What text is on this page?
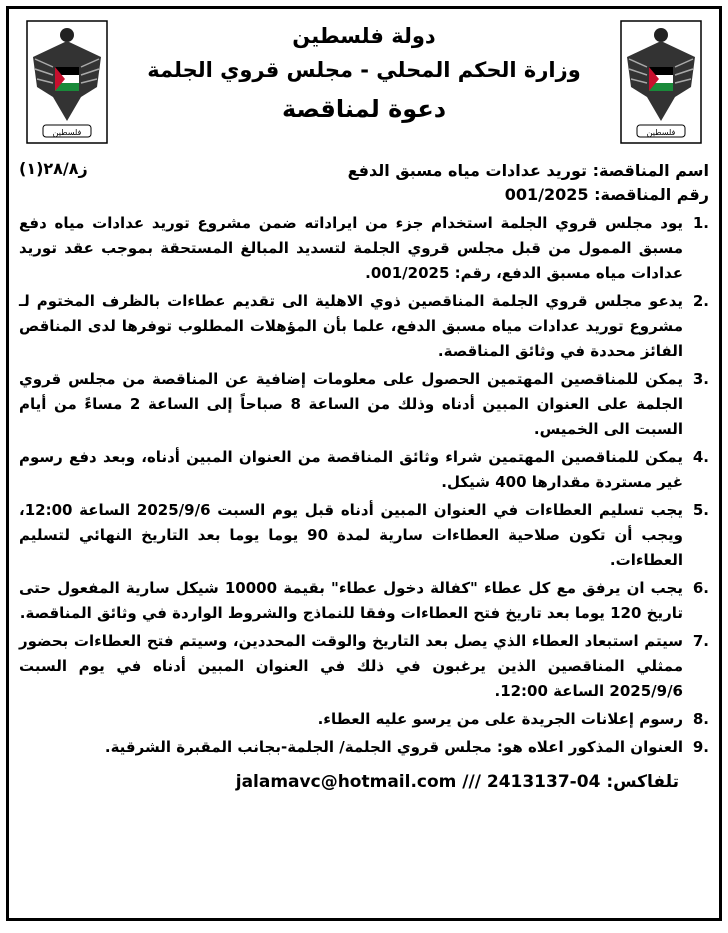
فلسطين
دولة فلسطين
وزارة الحكم المحلي - مجلس قروي الجلمة
دعوة لمناقصة
فلسطين
اسم المناقصة: توريد عدادات مياه مسبق الدفع
رقم المناقصة: 001/2025
ز٢٨/٨(١)
.1
يود مجلس قروي الجلمة استخدام جزء من ايراداته ضمن مشروع توريد عدادات مياه دفع مسبق الممول من قبل مجلس قروي الجلمة لتسديد المبالغ المستحقة بموجب عقد توريد عدادات مياه مسبق الدفع، رقم: 001/2025.
.2
يدعو مجلس قروي الجلمة المناقصين ذوي الاهلية الى تقديم عطاءات بالظرف المختوم لـ مشروع توريد عدادات مياه مسبق الدفع، علما بأن المؤهلات المطلوب توفرها لدى المناقص الفائز محددة في وثائق المناقصة.
.3
يمكن للمناقصين المهتمين الحصول على معلومات إضافية عن المناقصة من مجلس قروي الجلمة على العنوان المبين أدناه وذلك من الساعة 8 صباحاً إلى الساعة 2 مساءً من أيام السبت الى الخميس.
.4
يمكن للمناقصين المهتمين شراء وثائق المناقصة من العنوان المبين أدناه، وبعد دفع رسوم غير مستردة مقدارها 400 شيكل.
.5
يجب تسليم العطاءات في العنوان المبين أدناه قبل يوم السبت 2025/9/6 الساعة 12:00، ويجب أن تكون صلاحية العطاءات سارية لمدة 90 يوما يوما بعد التاريخ النهائي لتسليم العطاءات.
.6
يجب ان يرفق مع كل عطاء "كفالة دخول عطاء" بقيمة 10000 شيكل سارية المفعول حتى تاريخ 120 يوما بعد تاريخ فتح العطاءات وفقا للنماذج والشروط الواردة في وثائق المناقصة.
.7
سيتم استبعاد العطاء الذي يصل بعد التاريخ والوقت المحددين، وسيتم فتح العطاءات بحضور ممثلي المناقصين الذين يرغبون في ذلك في العنوان المبين أدناه في يوم السبت 2025/9/6 الساعة 12:00.
.8
رسوم إعلانات الجريدة على من يرسو عليه العطاء.
.9
العنوان المذكور اعلاه هو: مجلس قروي الجلمة/ الجلمة-بجانب المقبرة الشرقية.
تلفاكس: 04-2413137 /// jalamavc@hotmail.com
